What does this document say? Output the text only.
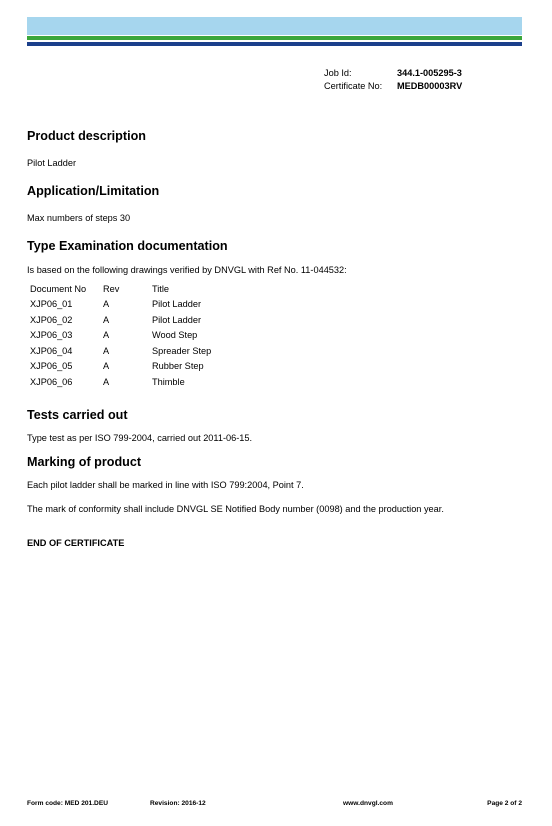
Job Id:	344.1-005295-3
Certificate No:	MEDB00003RV
Product description

Pilot Ladder

Application/Limitation

Max numbers of steps 30

Type Examination documentation

Is based on the following drawings verified by DNVGL with Ref No. 11-044532:

Document No	Rev	Title
XJP06_01	A	Pilot Ladder
XJP06_02	A	Pilot Ladder
XJP06_03	A	Wood Step
XJP06_04	A	Spreader Step
XJP06_05	A	Rubber Step
XJP06_06	A	Thimble
Tests carried out

Type test as per ISO 799-2004, carried out 2011-06-15.

Marking of product

Each pilot ladder shall be marked in line with ISO 799:2004, Point 7.

The mark of conformity shall include DNVGL SE Notified Body number (0098) and the production year.

END OF CERTIFICATE
Form code: MED 201.DEU	Revision: 2016-12	www.dnvgl.com	Page 2 of 2
